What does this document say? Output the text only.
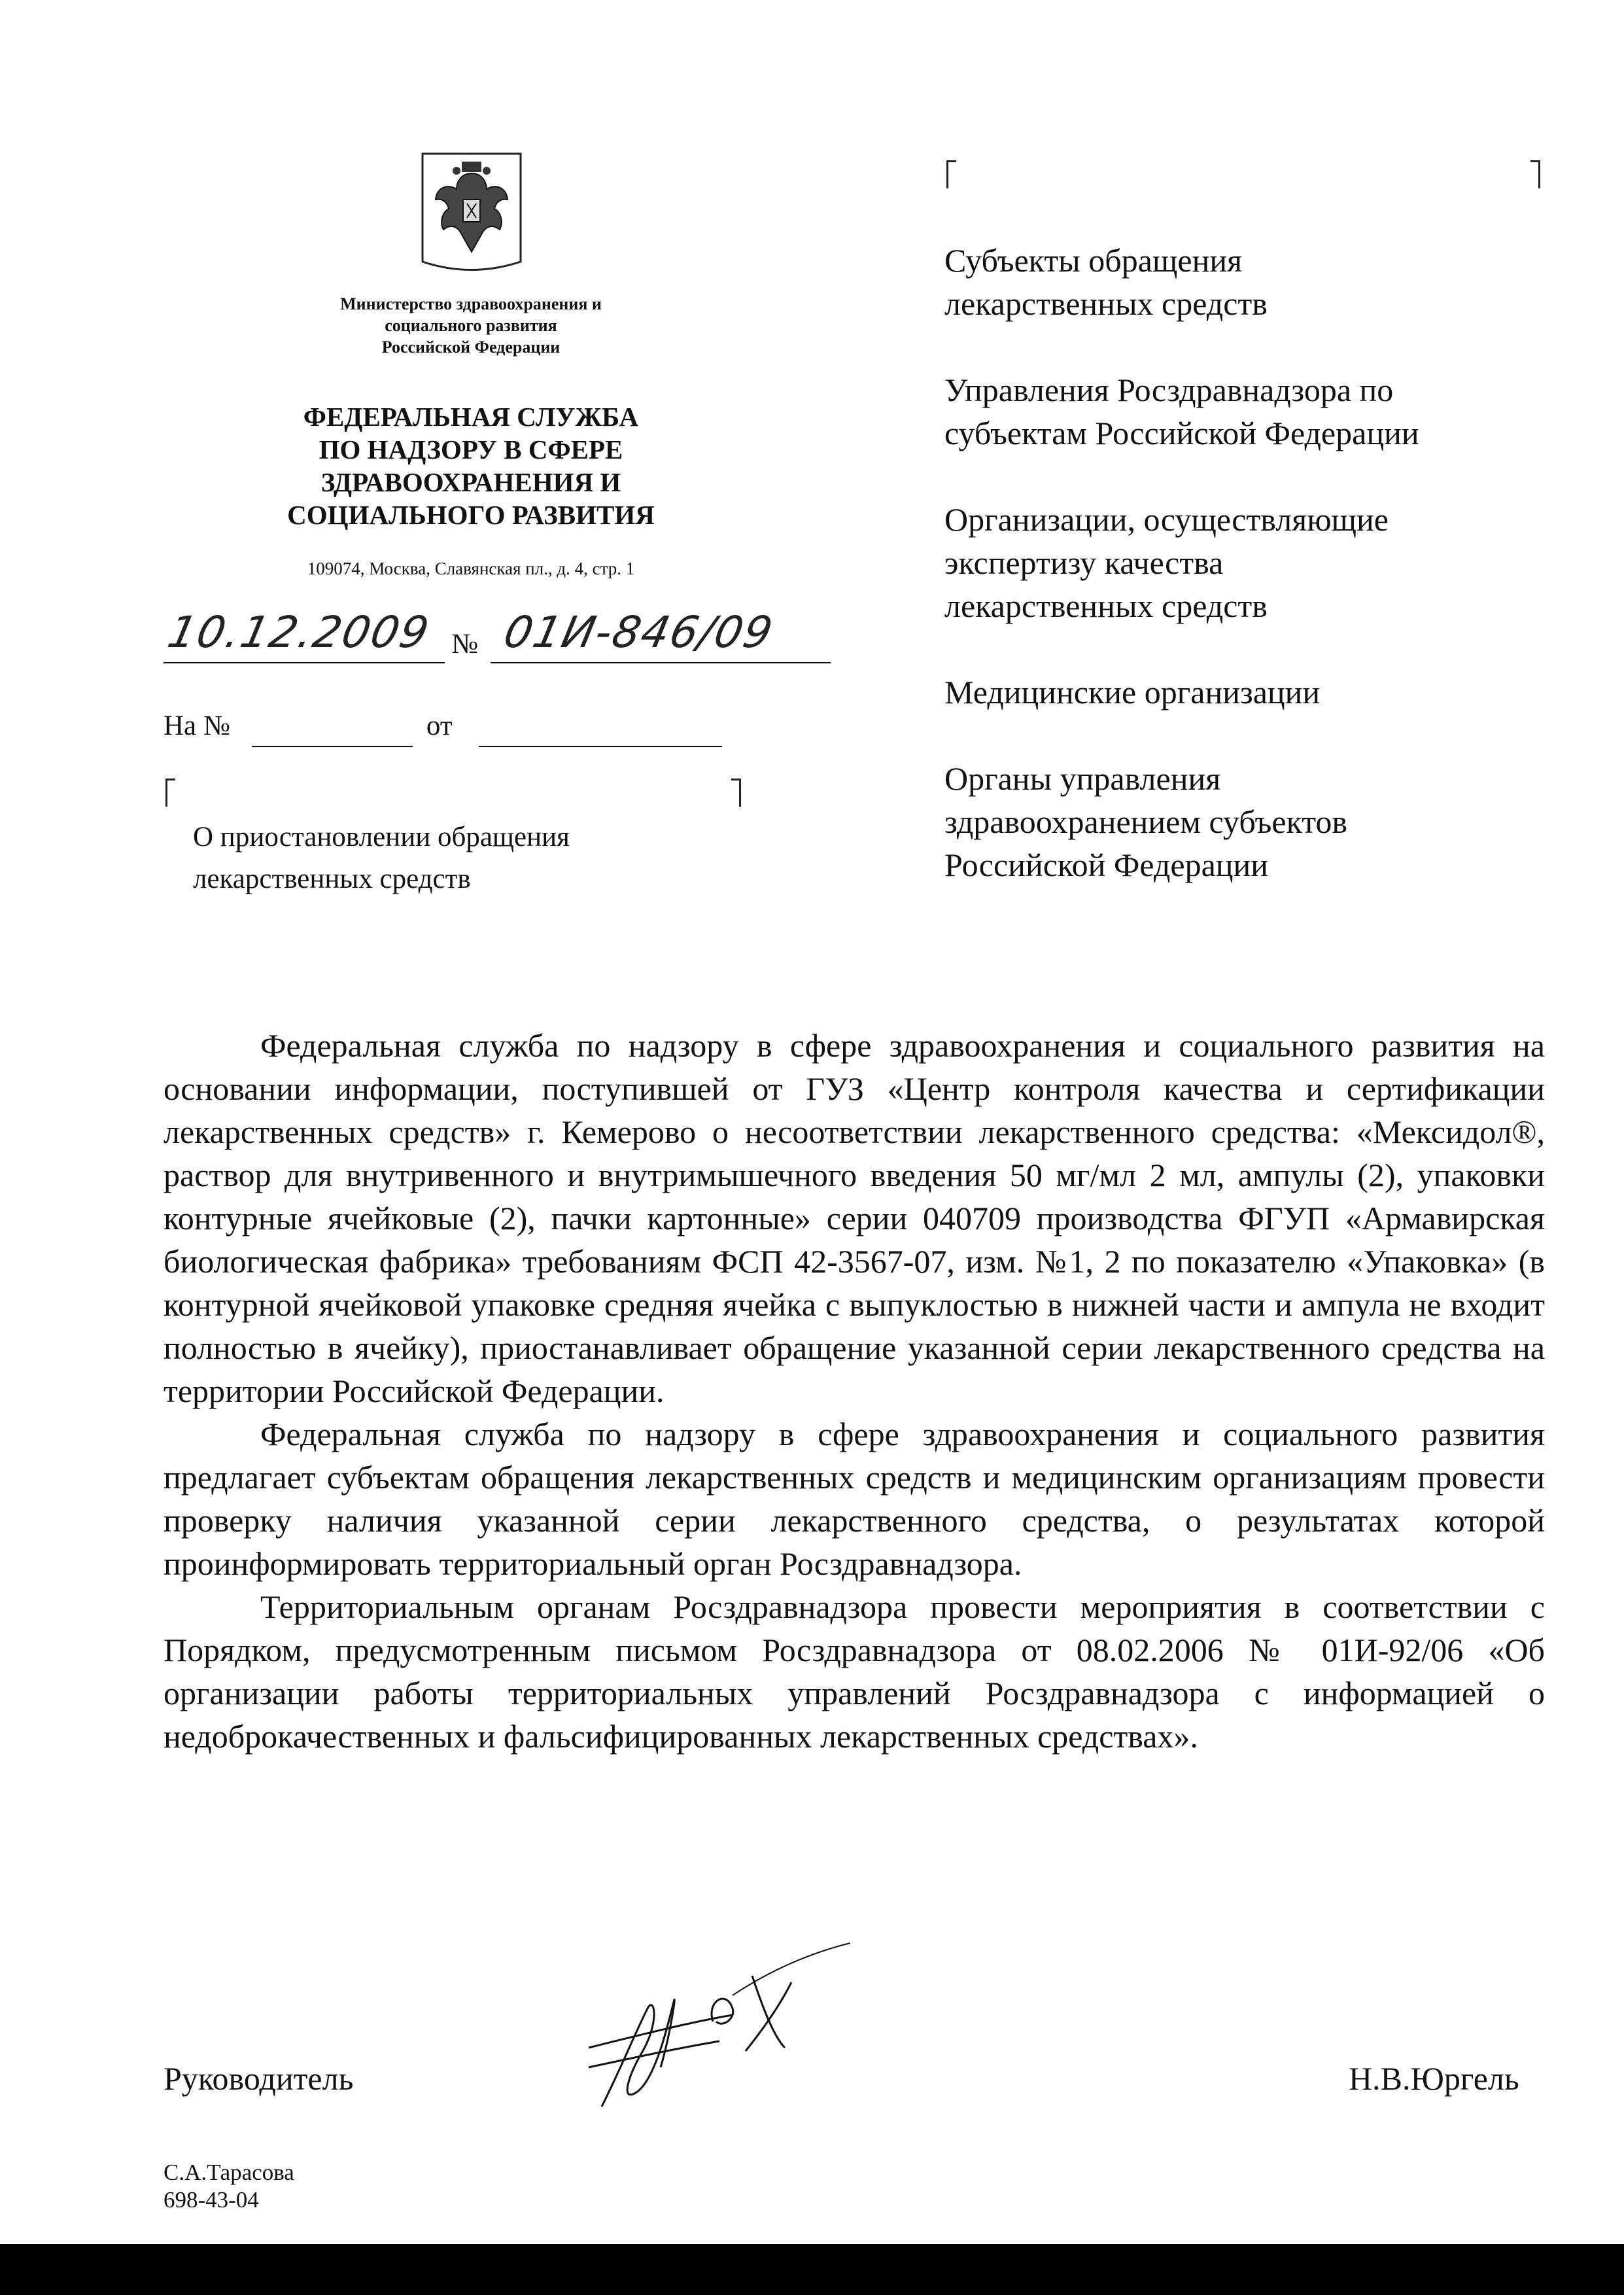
Министерство здравоохранения и
социального развития
Российской Федерации
ФЕДЕРАЛЬНАЯ СЛУЖБА
ПО НАДЗОРУ В СФЕРЕ
ЗДРАВООХРАНЕНИЯ И
СОЦИАЛЬНОГО РАЗВИТИЯ
109074, Москва, Славянская пл., д. 4, стр. 1
10.12.2009 № 01И-846/09
На №	от
О приостановлении обращения
лекарственных средств
Субъекты обращения
лекарственных средств
Управления Росздравнадзора по
субъектам Российской Федерации
Организации, осуществляющие
экспертизу качества
лекарственных средств
Медицинские организации
Органы управления
здравоохранением субъектов
Российской Федерации

Федеральная служба по надзору в сфере здравоохранения и социального развития на основании информации, поступившей от ГУЗ «Центр контроля качества и сертификации лекарственных средств» г. Кемерово о несоответствии лекарственного средства: «Мексидол®, раствор для внутривенного и внутримышечного введения 50 мг/мл 2 мл, ампулы (2), упаковки контурные ячейковые (2), пачки картонные» серии 040709 производства ФГУП «Армавирская биологическая фабрика» требованиям ФСП 42-3567-07, изм. №1, 2 по показателю «Упаковка» (в контурной ячейковой упаковке средняя ячейка с выпуклостью в нижней части и ампула не входит полностью в ячейку), приостанавливает обращение указанной серии лекарственного средства на территории Российской Федерации.

Федеральная служба по надзору в сфере здравоохранения и социального развития предлагает субъектам обращения лекарственных средств и медицинским организациям провести проверку наличия указанной серии лекарственного средства, о результатах которой проинформировать территориальный орган Росздравнадзора.

Территориальным органам Росздравнадзора провести мероприятия в соответствии с Порядком, предусмотренным письмом Росздравнадзора от 08.02.2006 № 01И-92/06 «Об организации работы территориальных управлений Росздравнадзора с информацией о недоброкачественных и фальсифицированных лекарственных средствах».

Руководитель	Н.В.Юргель
С.А.Тарасова
698-43-04
